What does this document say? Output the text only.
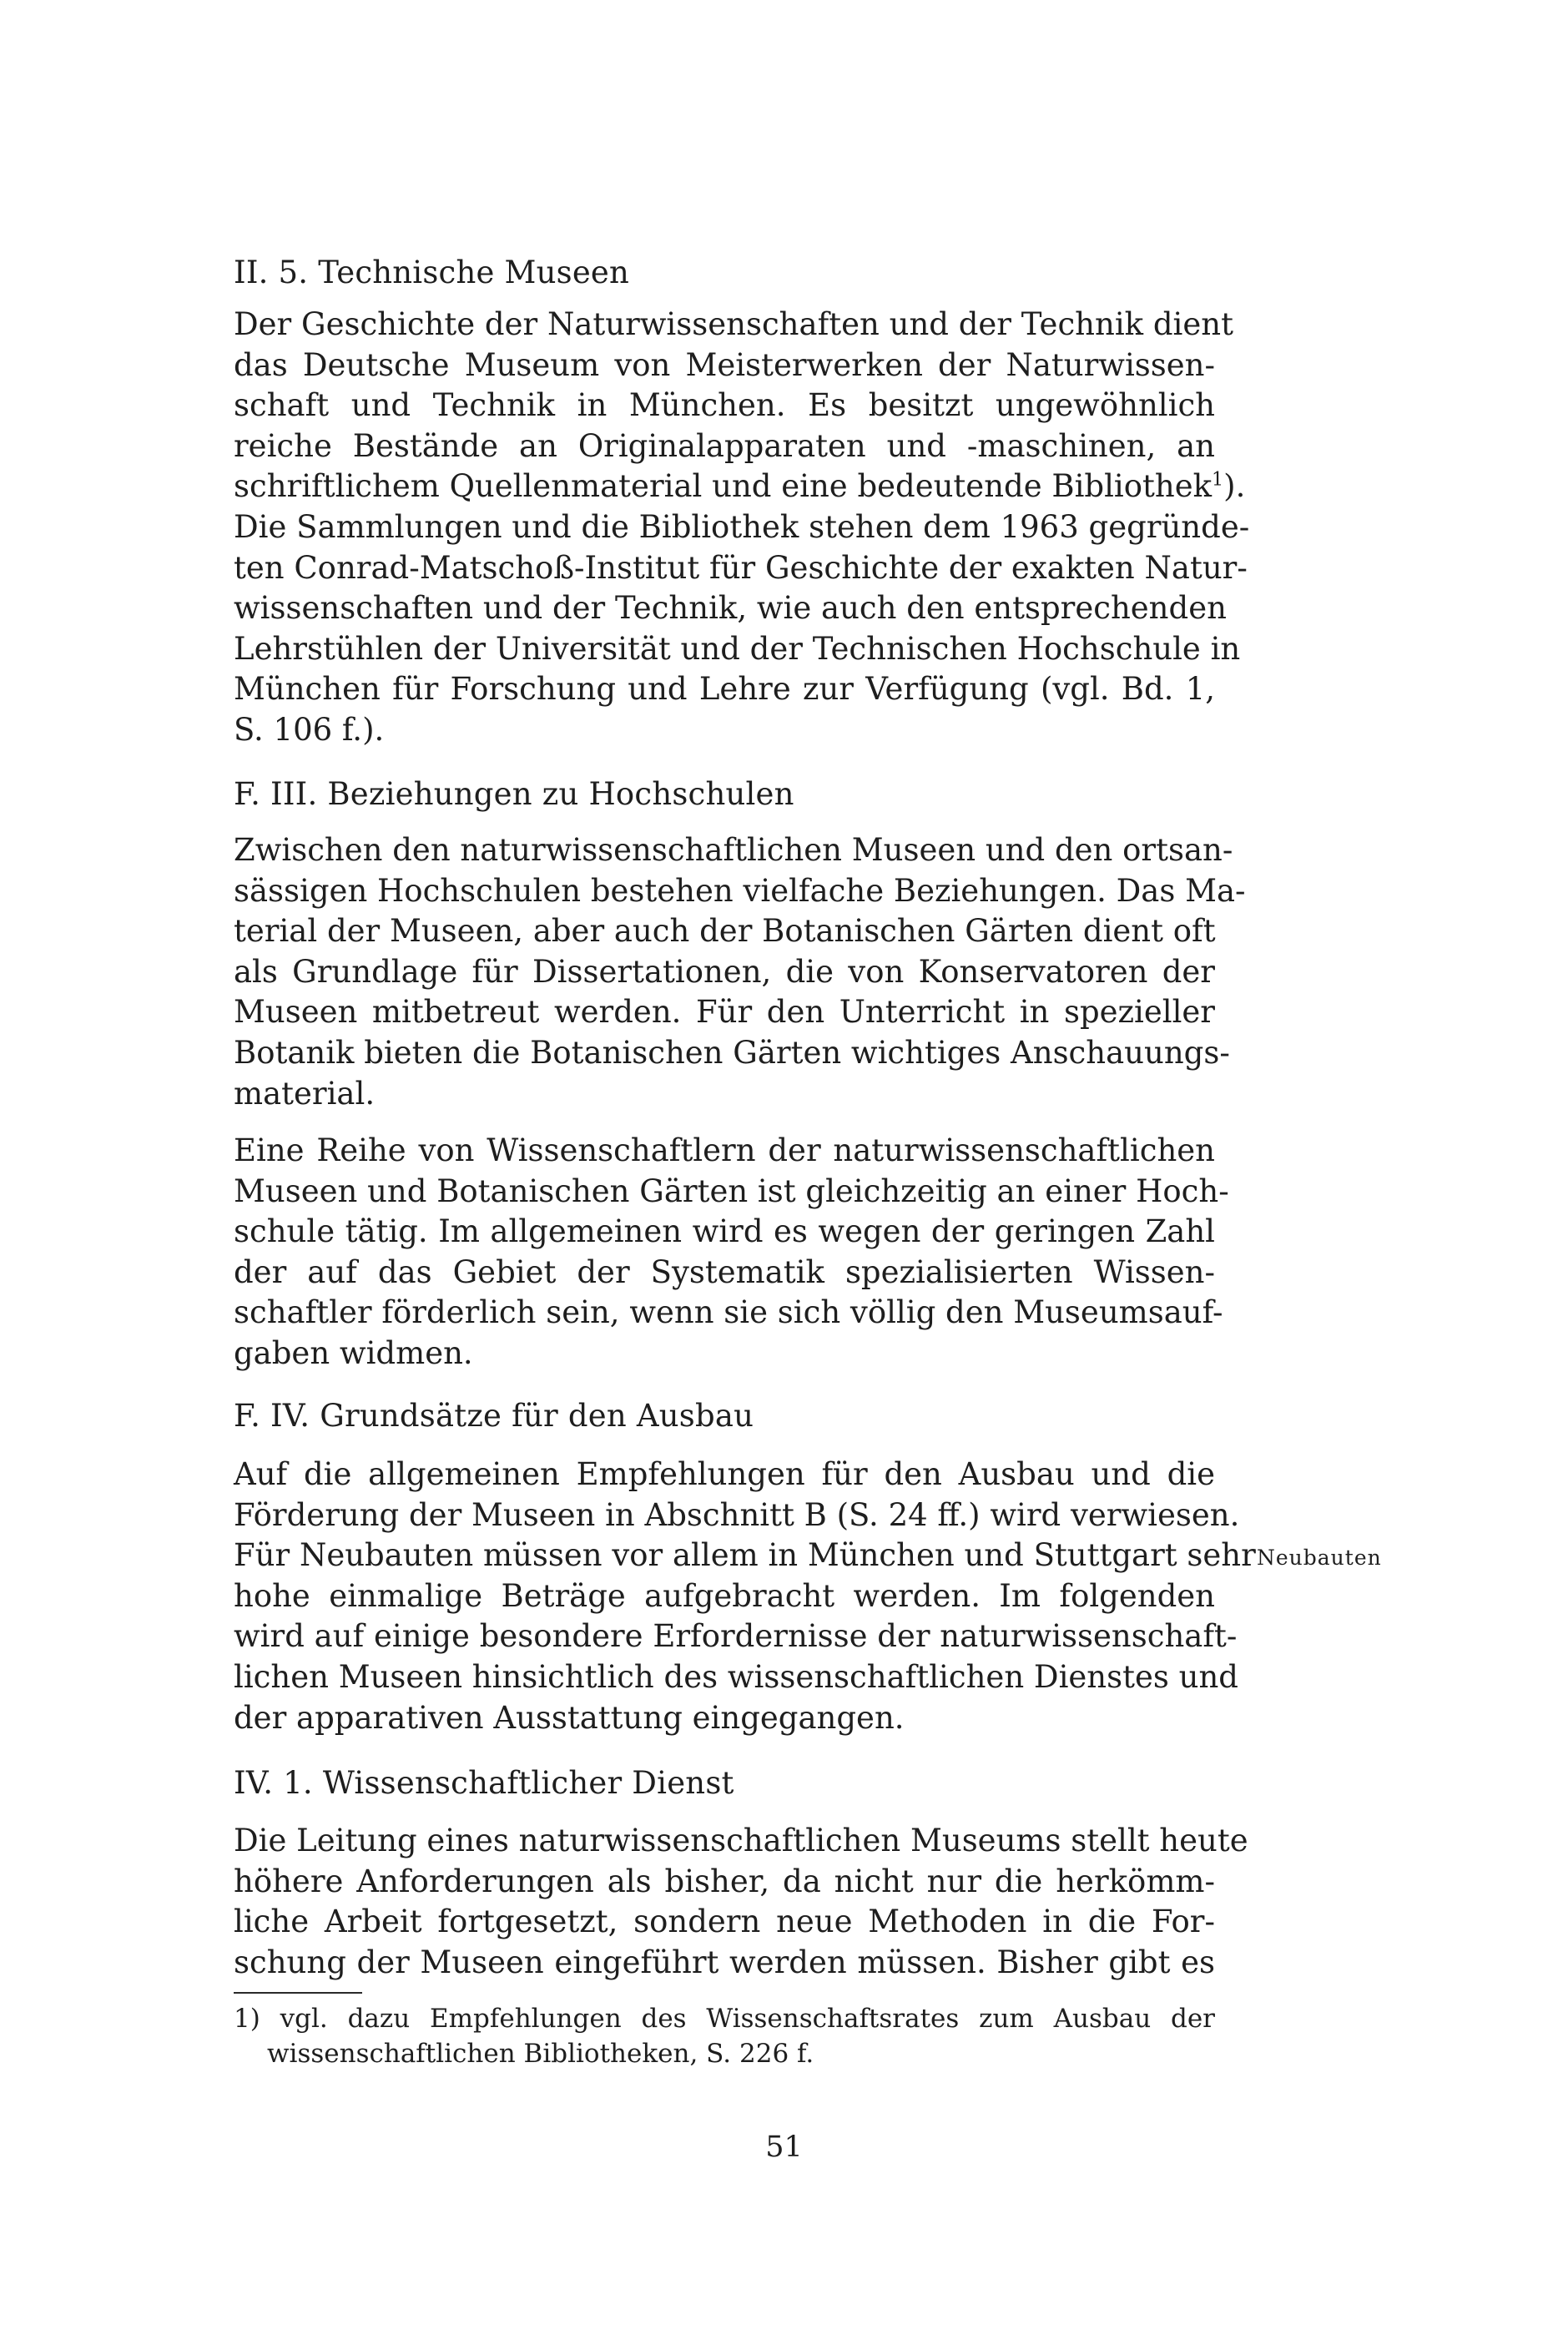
II. 5. Technische Museen
Der Geschichte der Naturwissenschaften und der Technik dient
das Deutsche Museum von Meisterwerken der Naturwissen-
schaft und Technik in München. Es besitzt ungewöhnlich
reiche Bestände an Originalapparaten und -maschinen, an
schriftlichem Quellenmaterial und eine bedeutende Bibliothek$^1$).
Die Sammlungen und die Bibliothek stehen dem 1963 gegründe-
ten Conrad-Matschoß-Institut für Geschichte der exakten Natur-
wissenschaften und der Technik, wie auch den entsprechenden
Lehrstühlen der Universität und der Technischen Hochschule in
München für Forschung und Lehre zur Verfügung (vgl. Bd. 1,
S. 106 f.).
F. III. Beziehungen zu Hochschulen
Zwischen den naturwissenschaftlichen Museen und den ortsan-
sässigen Hochschulen bestehen vielfache Beziehungen. Das Ma-
terial der Museen, aber auch der Botanischen Gärten dient oft
als Grundlage für Dissertationen, die von Konservatoren der
Museen mitbetreut werden. Für den Unterricht in spezieller
Botanik bieten die Botanischen Gärten wichtiges Anschauungs-
material.
Eine Reihe von Wissenschaftlern der naturwissenschaftlichen
Museen und Botanischen Gärten ist gleichzeitig an einer Hoch-
schule tätig. Im allgemeinen wird es wegen der geringen Zahl
der auf das Gebiet der Systematik spezialisierten Wissen-
schaftler förderlich sein, wenn sie sich völlig den Museumsauf-
gaben widmen.
F. IV. Grundsätze für den Ausbau
Auf die allgemeinen Empfehlungen für den Ausbau und die
Förderung der Museen in Abschnitt B (S. 24 ff.) wird verwiesen.
Für Neubauten müssen vor allem in München und Stuttgart sehr
hohe einmalige Beträge aufgebracht werden. Im folgenden
wird auf einige besondere Erfordernisse der naturwissenschaft-
lichen Museen hinsichtlich des wissenschaftlichen Dienstes und
der apparativen Ausstattung eingegangen.
Neubauten
IV. 1. Wissenschaftlicher Dienst
Die Leitung eines naturwissenschaftlichen Museums stellt heute
höhere Anforderungen als bisher, da nicht nur die herkömm-
liche Arbeit fortgesetzt, sondern neue Methoden in die For-
schung der Museen eingeführt werden müssen. Bisher gibt es
1) vgl. dazu Empfehlungen des Wissenschaftsrates zum Ausbau der
wissenschaftlichen Bibliotheken, S. 226 f.
51
